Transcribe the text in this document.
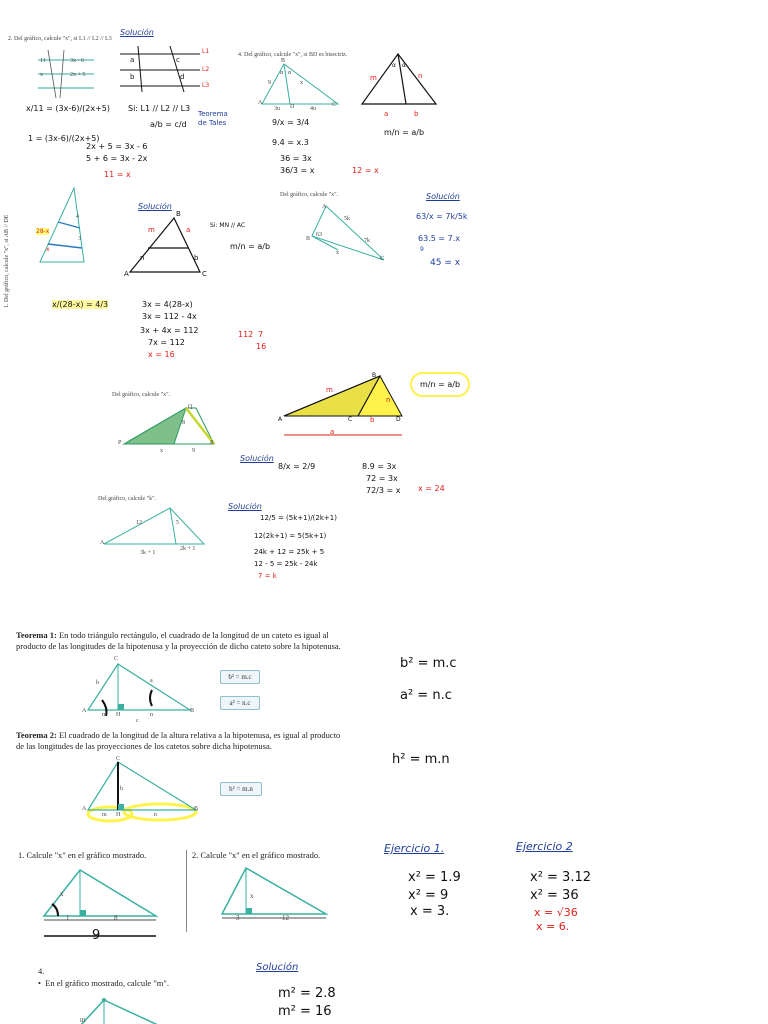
2. Del gráfico, calcule "x", si L1 // L2 // L3
3x - 6
2x + 5
11
x
Solución
a
b
c
d
L1
L2
L3
x/11 = (3x-6)/(2x+5) Si: L1 // L2 // L3
a/b = c/d
Teorema de Tales
1 = (3x-6)/(2x+5)
2x + 5 = 3x - 6
5 + 6 = 3x - 2x
11 = x
4. Del gráfico, calcule "x", si BD es bisectriz.
B
9	x
A
3u D	4u
C
α α
α α
m	n
a	b
m/n = a/b
9/x = 3/4
9.4 = x.3
36 = 3x
36/3 = x	12 = x
1. Del gráfico, calcule "x", si AB // DE	28-x
x
4
3
Solución
B
m
n
a
b
A	C
Si: MN // AC
m/n = a/b
x/(28-x) = 4/3	3x = 4(28-x)
3x = 112 - 4x
3x + 4x = 112
7x = 112
x = 16
112 7
16
Del gráfico, calcule "x".
A
5k
B	7k
63
x
C
Solución
63/x = 7k/5k
63.5 = 7.x
9
45 = x
Del gráfico, calcule "x".
Q
8
P
x	9
R
B
m
n
A	C	b	D
a
m/n = a/b
Solución
8/x = 2/9	8.9 = 3x
72 = 3x
72/3 = x x = 24
Del gráfico, calcule "k".
12	5
2k + 1
A
3k + 1
Solución
12/5 = (5k+1)/(2k+1)
12(2k+1) = 5(5k+1)
24k + 12 = 25k + 5
12 - 5 = 25k - 24k
7 = k
Teorema 1: En todo triángulo rectángulo, el cuadrado de la longitud de un cateto es igual al producto de las longitudes de la hipotenusa y la proyección de dicho cateto sobre la hipotenusa.
C
b	a
A
m H	n
B
c
b² = m.c
a² = n.c
b² = m.c
a² = n.c
Teorema 2: El cuadrado de la longitud de la altura relativa a la hipotenusa, es igual al producto de las longitudes de las proyecciones de los catetos sobre dicha hipotenusa.
C
h
A
m H	n
B
h² = m.n
h² = m.n
1. Calcule "x" en el gráfico mostrado.
x
1	8
9
2. Calcule "x" en el gráfico mostrado.
x
3	12
Ejercicio 1.
x² = 1.9
x² = 9
x = 3.
Ejercicio 2
x² = 3.12
x² = 36
x = √36
x = 6.
4.
•  En el gráfico mostrado, calcule "m".
m
Solución
m² = 2.8
m² = 16
